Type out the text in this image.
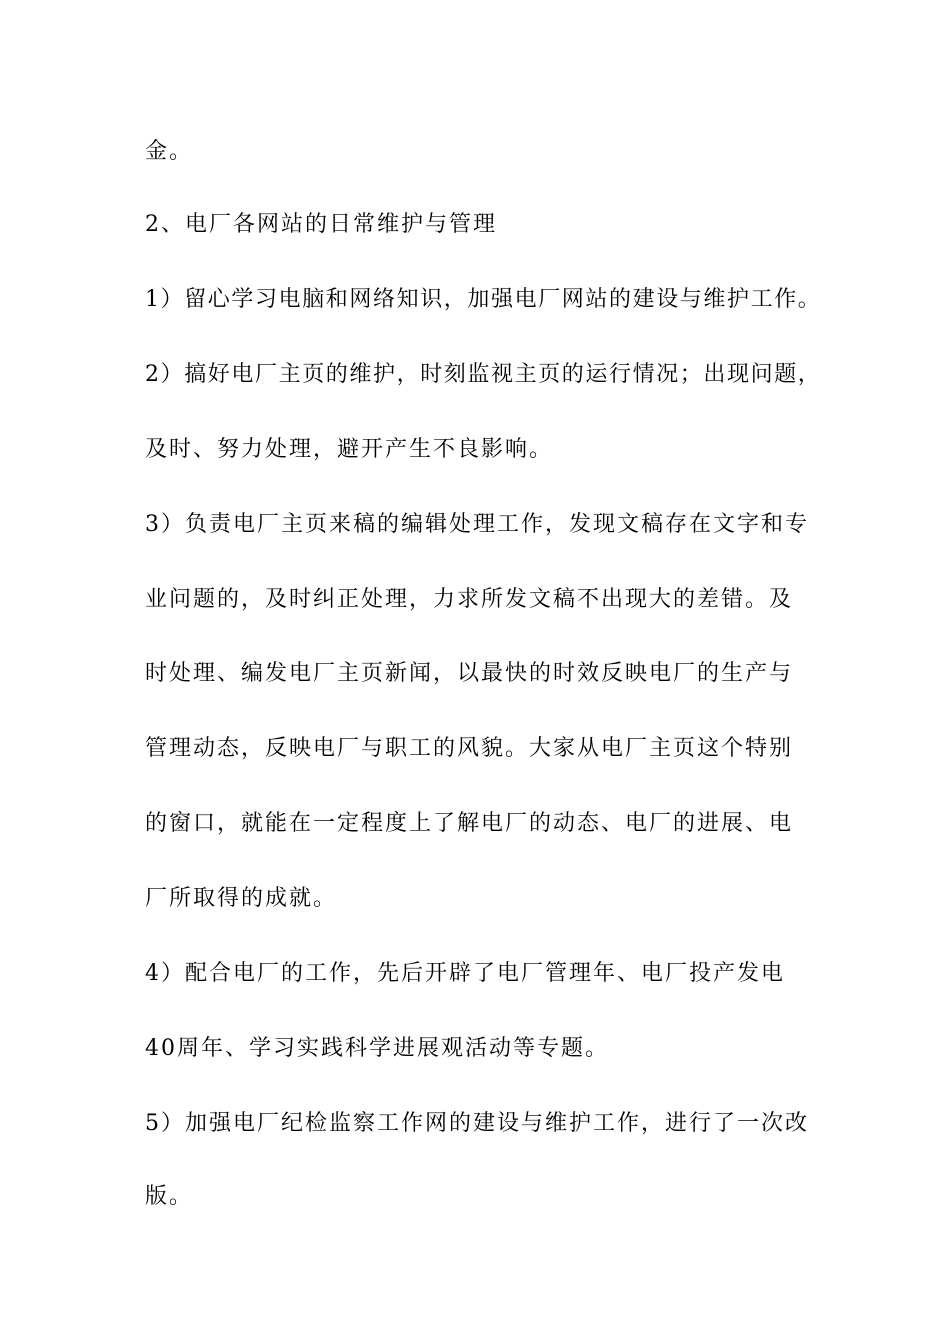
金。
2、电厂各网站的日常维护与管理
1）留心学习电脑和网络知识，加强电厂网站的建设与维护工作。
2）搞好电厂主页的维护，时刻监视主页的运行情况；出现问题，
及时、努力处理，避开产生不良影响。
3）负责电厂主页来稿的编辑处理工作，发现文稿存在文字和专
业问题的，及时纠正处理，力求所发文稿不出现大的差错。及
时处理、编发电厂主页新闻，以最快的时效反映电厂的生产与
管理动态，反映电厂与职工的风貌。大家从电厂主页这个特别
的窗口，就能在一定程度上了解电厂的动态、电厂的进展、电
厂所取得的成就。
4）配合电厂的工作，先后开辟了电厂管理年、电厂投产发电
40周年、学习实践科学进展观活动等专题。
5）加强电厂纪检监察工作网的建设与维护工作，进行了一次改
版。
